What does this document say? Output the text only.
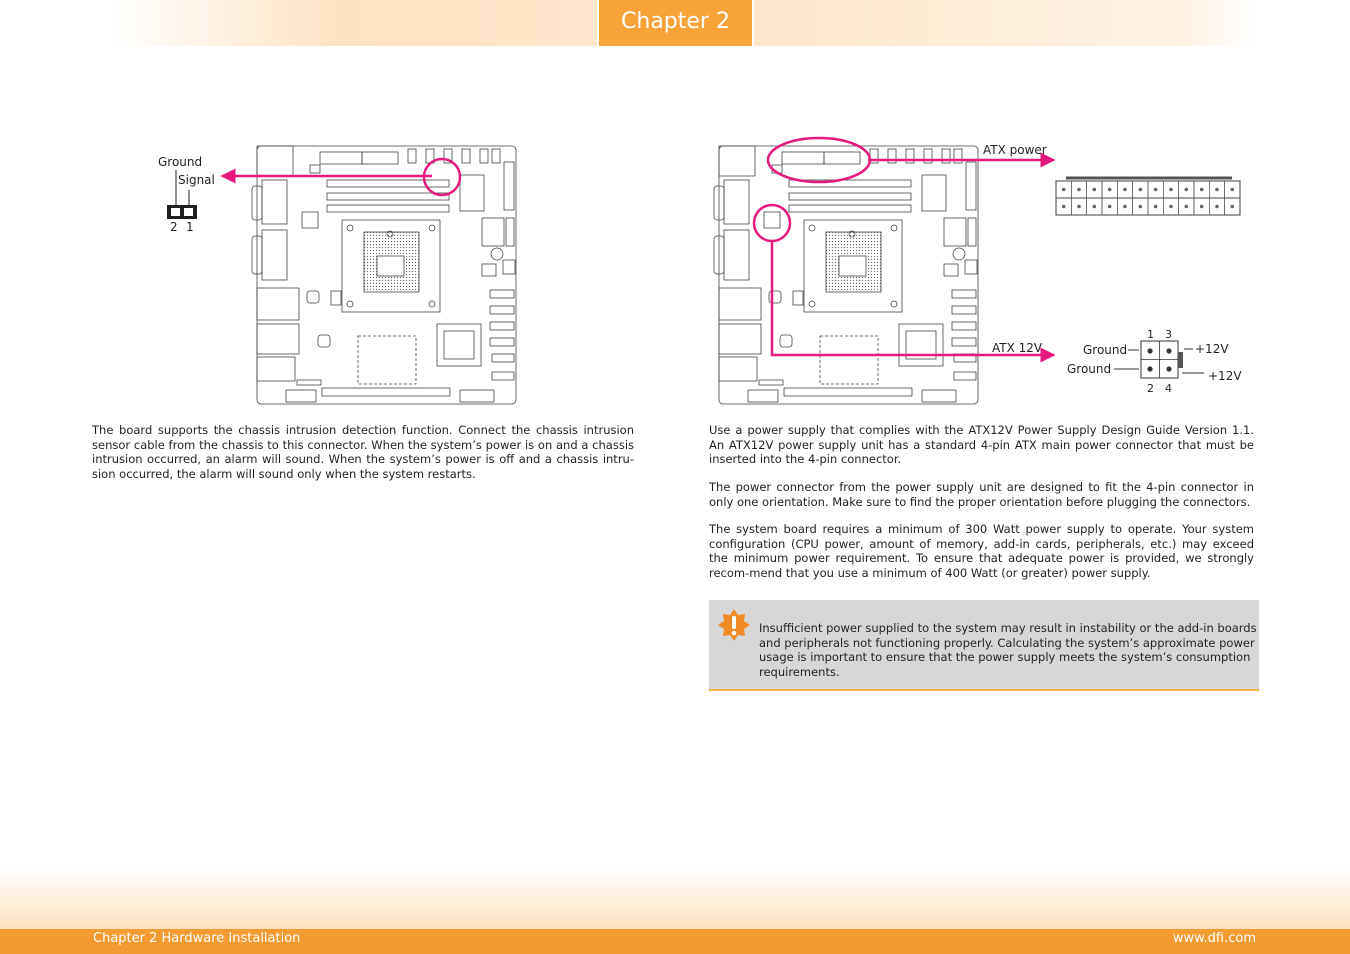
Chapter 2
Ground
Signal
2 1
ATX power
ATX 12V
1 3
2 4
Ground
Ground
+12V
+12V

The board supports the chassis intrusion detection function. Connect the chassis intrusion sensor cable from the chassis to this connector. When the system’s power is on and a chassis intrusion occurred, an alarm will sound. When the system’s power is off and a chassis intru-sion occurred, the alarm will sound only when the system restarts.

Use a power supply that complies with the ATX12V Power Supply Design Guide Version 1.1. An ATX12V power supply unit has a standard 4-pin ATX main power connector that must be inserted into the 4-pin connector.

The power connector from the power supply unit are designed to fit the 4-pin connector in only one orientation. Make sure to find the proper orientation before plugging the connectors.

The system board requires a minimum of 300 Watt power supply to operate. Your system configuration (CPU power, amount of memory, add-in cards, peripherals, etc.) may exceed the minimum power requirement. To ensure that adequate power is provided, we strongly recom-mend that you use a minimum of 400 Watt (or greater) power supply.

Insufficient power supplied to the system may result in instability or the add-in boards and peripherals not functioning properly. Calculating the system’s approximate power usage is important to ensure that the power supply meets the system’s consumption requirements.

Chapter 2 Hardware Installation	www.dfi.com
